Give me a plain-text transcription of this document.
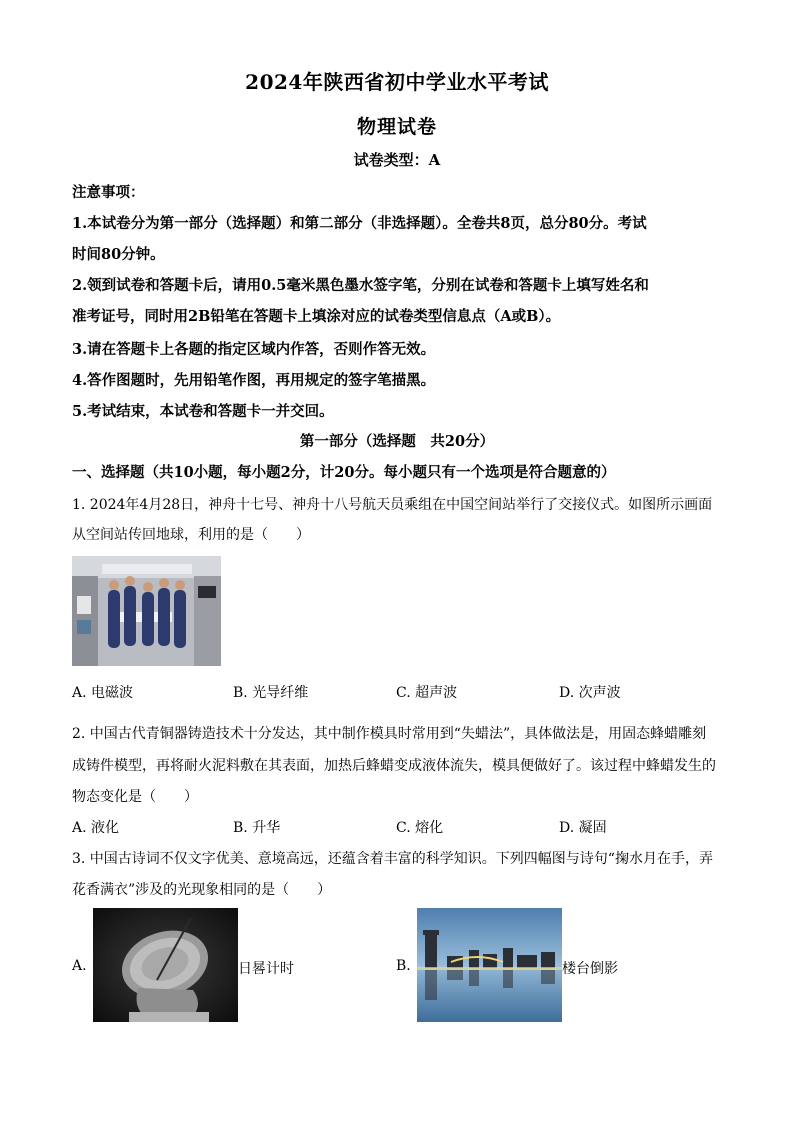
2024年陕西省初中学业水平考试
物理试卷
试卷类型：A
注意事项：
1.本试卷分为第一部分（选择题）和第二部分（非选择题）。全卷共8页，总分80分。考试
时间80分钟。
2.领到试卷和答题卡后，请用0.5毫米黑色墨水签字笔，分别在试卷和答题卡上填写姓名和
准考证号，同时用2B铅笔在答题卡上填涂对应的试卷类型信息点（A或B）。
3.请在答题卡上各题的指定区域内作答，否则作答无效。
4.答作图题时，先用铅笔作图，再用规定的签字笔描黑。
5.考试结束，本试卷和答题卡一并交回。
第一部分（选择题　共20分）
一、选择题（共10小题，每小题2分，计20分。每小题只有一个选项是符合题意的）
1. 2024年4月28日，神舟十七号、神舟十八号航天员乘组在中国空间站举行了交接仪式。如图所示画面
从空间站传回地球，利用的是（　　）
A. 电磁波	B. 光导纤维	C. 超声波	D. 次声波
2. 中国古代青铜器铸造技术十分发达，其中制作模具时常用到“失蜡法”，具体做法是，用固态蜂蜡雕刻
成铸件模型，再将耐火泥料敷在其表面，加热后蜂蜡变成液体流失，模具便做好了。该过程中蜂蜡发生的
物态变化是（　　）
A. 液化	B. 升华	C. 熔化	D. 凝固
3. 中国古诗词不仅文字优美、意境高远，还蕴含着丰富的科学知识。下列四幅图与诗句“掬水月在手，弄
花香满衣”涉及的光现象相同的是（　　）
A.	日晷计时	B.	楼台倒影
